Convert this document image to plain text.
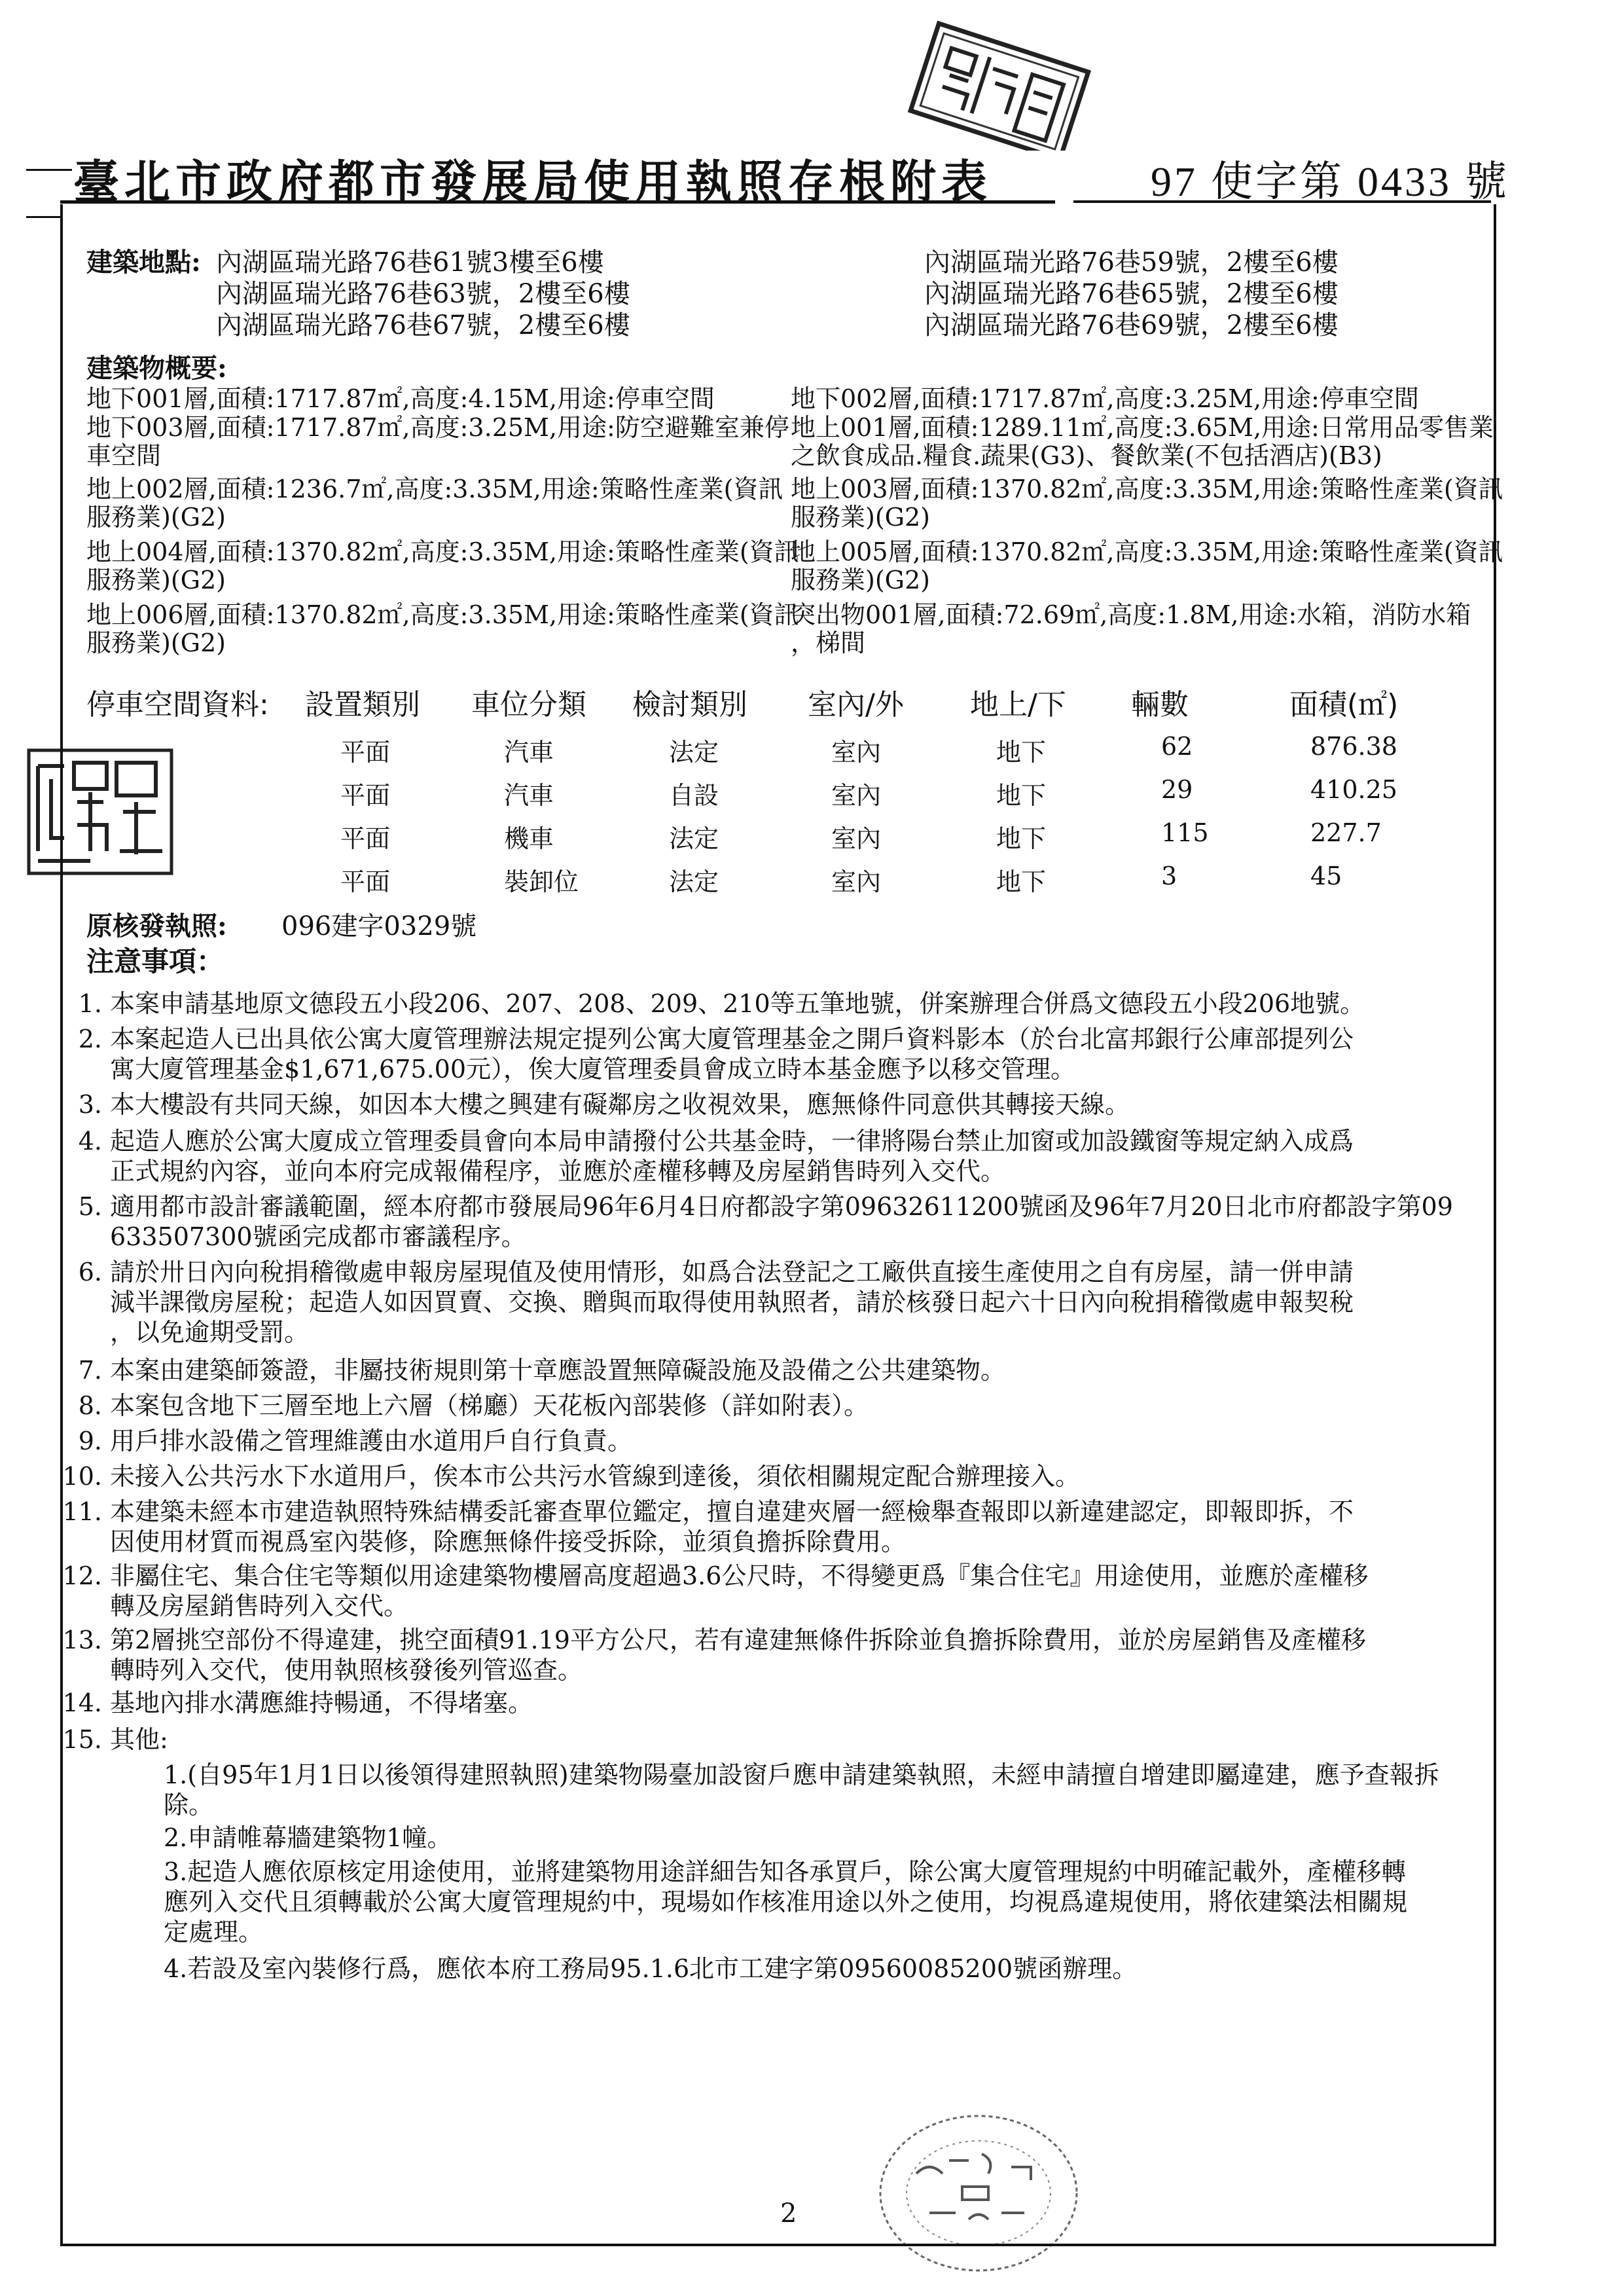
臺北市政府都市發展局使用執照存根附表	97 使字第 0433 號
建築地點: 內湖區瑞光路76巷61號3樓至6樓
內湖區瑞光路76巷63號，2樓至6樓
內湖區瑞光路76巷67號，2樓至6樓
內湖區瑞光路76巷59號，2樓至6樓
內湖區瑞光路76巷65號，2樓至6樓
內湖區瑞光路76巷69號，2樓至6樓
建築物概要:
地下001層,面積:1717.87㎡,高度:4.15M,用途:停車空間	地下002層,面積:1717.87㎡,高度:3.25M,用途:停車空間
地下003層,面積:1717.87㎡,高度:3.25M,用途:防空避難室兼停
車空間
地上001層,面積:1289.11㎡,高度:3.65M,用途:日常用品零售業
之飲食成品.糧食.蔬果(G3)、餐飲業(不包括酒店)(B3)
地上002層,面積:1236.7㎡,高度:3.35M,用途:策略性產業(資訊
服務業)(G2)
地上003層,面積:1370.82㎡,高度:3.35M,用途:策略性產業(資訊
服務業)(G2)
地上004層,面積:1370.82㎡,高度:3.35M,用途:策略性產業(資訊
服務業)(G2)
地上005層,面積:1370.82㎡,高度:3.35M,用途:策略性產業(資訊
服務業)(G2)
地上006層,面積:1370.82㎡,高度:3.35M,用途:策略性產業(資訊
服務業)(G2)
突出物001層,面積:72.69㎡,高度:1.8M,用途:水箱，消防水箱
，梯間
停車空間資料: 設置類別 車位分類 檢討類別 室內/外 地上/下 輛數	面積(㎡)
平面	汽車	法定	室內	地下	62	876.38
平面	汽車	自設	室內	地下	29	410.25
平面	機車	法定	室內	地下	115	227.7
平面	裝卸位	法定	室內	地下	3	45
原核發執照: 096建字0329號
注意事項：
1. 本案申請基地原文德段五小段206、207、208、209、210等五筆地號，併案辦理合併爲文德段五小段206地號。
2. 本案起造人已出具依公寓大廈管理辦法規定提列公寓大廈管理基金之開戶資料影本（於台北富邦銀行公庫部提列公
寓大廈管理基金$1,671,675.00元），俟大廈管理委員會成立時本基金應予以移交管理。
3. 本大樓設有共同天線，如因本大樓之興建有礙鄰房之收視效果，應無條件同意供其轉接天線。
4. 起造人應於公寓大廈成立管理委員會向本局申請撥付公共基金時，一律將陽台禁止加窗或加設鐵窗等規定納入成爲
正式規約內容，並向本府完成報備程序，並應於產權移轉及房屋銷售時列入交代。
5. 適用都市設計審議範圍，經本府都市發展局96年6月4日府都設字第09632611200號函及96年7月20日北市府都設字第09
633507300號函完成都市審議程序。
6. 請於卅日內向稅捐稽徵處申報房屋現值及使用情形，如爲合法登記之工廠供直接生產使用之自有房屋，請一併申請
減半課徵房屋稅；起造人如因買賣、交換、贈與而取得使用執照者，請於核發日起六十日內向稅捐稽徵處申報契稅
，以免逾期受罰。
7. 本案由建築師簽證，非屬技術規則第十章應設置無障礙設施及設備之公共建築物。
8. 本案包含地下三層至地上六層（梯廳）天花板內部裝修（詳如附表）。
9. 用戶排水設備之管理維護由水道用戶自行負責。
10. 未接入公共污水下水道用戶，俟本市公共污水管線到達後，須依相關規定配合辦理接入。
11. 本建築未經本市建造執照特殊結構委託審查單位鑑定，擅自違建夾層一經檢舉查報即以新違建認定，即報即拆，不
因使用材質而視爲室內裝修，除應無條件接受拆除，並須負擔拆除費用。
12. 非屬住宅、集合住宅等類似用途建築物樓層高度超過3.6公尺時，不得變更爲『集合住宅』用途使用，並應於產權移
轉及房屋銷售時列入交代。
13. 第2層挑空部份不得違建，挑空面積91.19平方公尺，若有違建無條件拆除並負擔拆除費用，並於房屋銷售及產權移
轉時列入交代，使用執照核發後列管巡查。
14. 基地內排水溝應維持暢通，不得堵塞。
15. 其他:
1.(自95年1月1日以後領得建照執照)建築物陽臺加設窗戶應申請建築執照，未經申請擅自增建即屬違建，應予查報拆
除。
2.申請帷幕牆建築物1幢。
3.起造人應依原核定用途使用，並將建築物用途詳細告知各承買戶，除公寓大廈管理規約中明確記載外，產權移轉
應列入交代且須轉載於公寓大廈管理規約中，現場如作核准用途以外之使用，均視爲違規使用，將依建築法相關規
定處理。
4.若設及室內裝修行爲，應依本府工務局95.1.6北市工建字第09560085200號函辦理。
2
